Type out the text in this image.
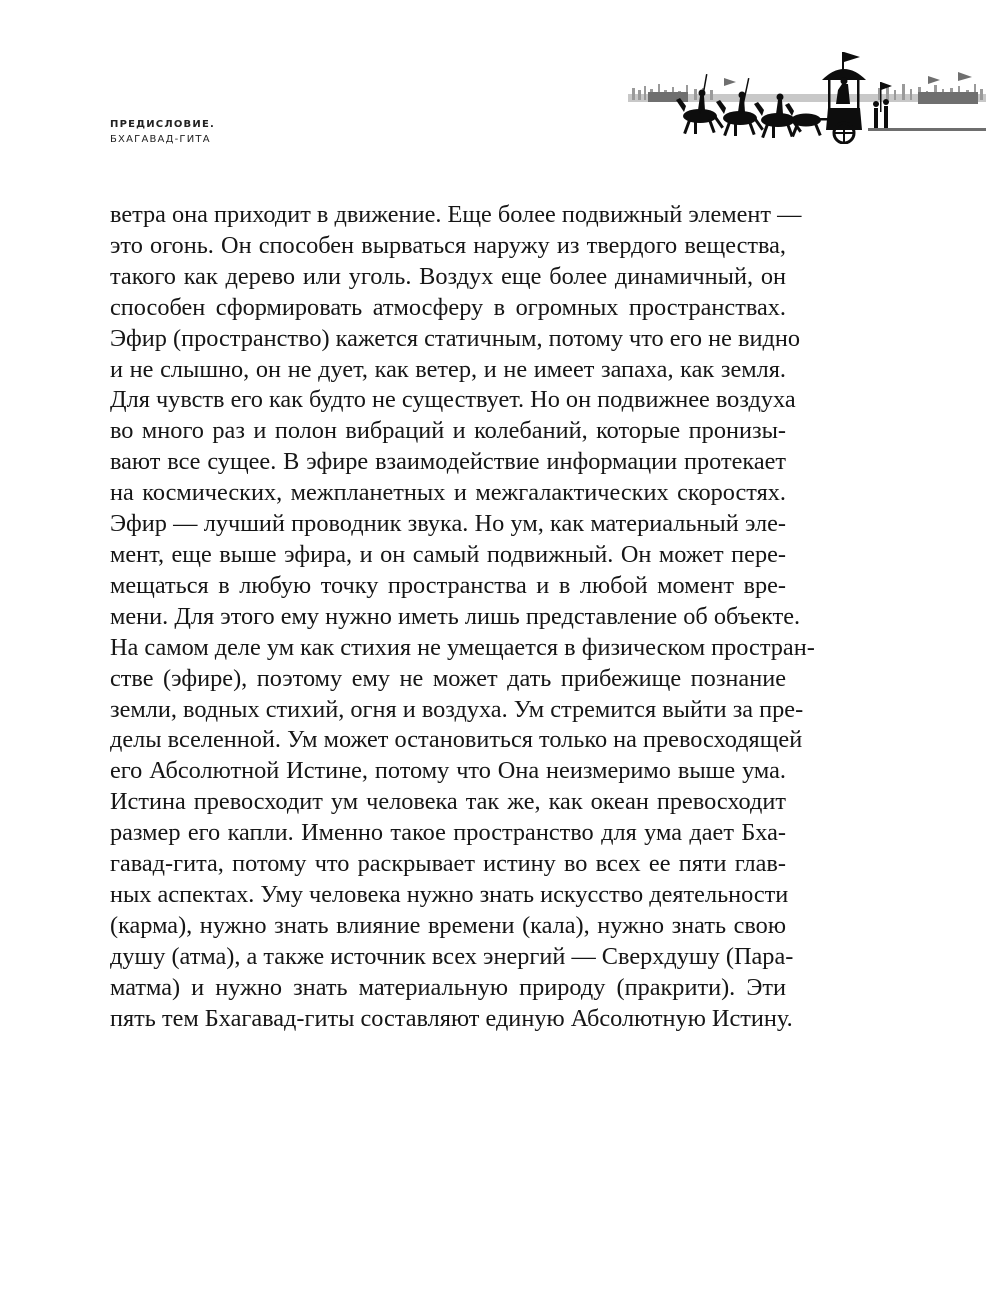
ПРЕДИСЛОВИЕ.
БХАГАВАД-ГИТА
ветра она приходит в движение. Еще более подвижный элемент —
это огонь. Он способен вырваться наружу из твердого вещества,
такого как дерево или уголь. Воздух еще более динамичный, он
способен сформировать атмосферу в огромных пространствах.
Эфир (пространство) кажется статичным, потому что его не видно
и не слышно, он не дует, как ветер, и не имеет запаха, как земля.
Для чувств его как будто не существует. Но он подвижнее воздуха
во много раз и полон вибраций и колебаний, которые пронизы-
вают все сущее. В эфире взаимодействие информации протекает
на космических, межпланетных и межгалактических скоростях.
Эфир — лучший проводник звука. Но ум, как материальный эле-
мент, еще выше эфира, и он самый подвижный. Он может пере-
мещаться в любую точку пространства и в любой момент вре-
мени. Для этого ему нужно иметь лишь представление об объекте.
На самом деле ум как стихия не умещается в физическом простран-
стве (эфире), поэтому ему не может дать прибежище познание
земли, водных стихий, огня и воздуха. Ум стремится выйти за пре-
делы вселенной. Ум может остановиться только на превосходящей
его Абсолютной Истине, потому что Она неизмеримо выше ума.
Истина превосходит ум человека так же, как океан превосходит
размер его капли. Именно такое пространство для ума дает Бха-
гавад-гита, потому что раскрывает истину во всех ее пяти глав-
ных аспектах. Уму человека нужно знать искусство деятельности
(карма), нужно знать влияние времени (кала), нужно знать свою
душу (атма), а также источник всех энергий — Сверхдушу (Пара-
матма) и нужно знать материальную природу (пракрити). Эти
пять тем Бхагавад-гиты составляют единую Абсолютную Истину.
